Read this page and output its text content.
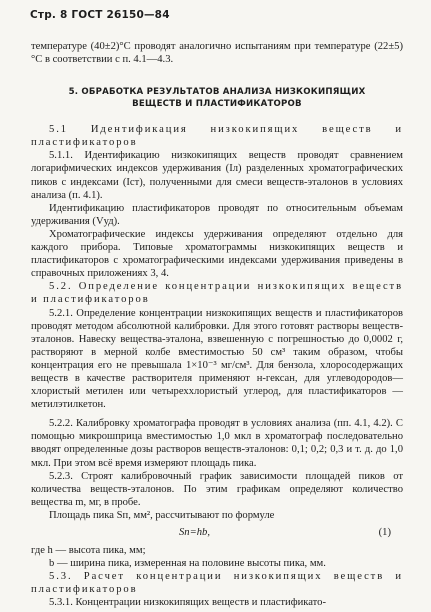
Стр. 8 ГОСТ 26150—84

температуре (40±2)°С проводят аналогично испытаниям при температуре (22±5)°С в соответствии с п. 4.1—4.3.

5. ОБРАБОТКА РЕЗУЛЬТАТОВ АНАЛИЗА НИЗКОКИПЯЩИХ
ВЕЩЕСТВ И ПЛАСТИФИКАТОРОВ

5.1 Идентификация низкокипящих веществ и пластификаторов

5.1.1. Идентификацию низкокипящих веществ проводят сравнением логарифмических индексов удерживания (Iл) разделенных хроматографических пиков с индексами (Iст), полученными для смеси веществ-эталонов в условиях анализа (п. 4.1).

Идентификацию пластификаторов проводят по относительным объемам удерживания (Vуд).

Хроматографические индексы удерживания определяют отдельно для каждого прибора. Типовые хроматограммы низкокипящих веществ и пластификаторов с хроматографическими индексами удерживания приведены в справочных приложениях 3, 4.

5.2. Определение концентрации низкокипящих веществ и пластификаторов

5.2.1. Определение концентрации низкокипящих веществ и пластификаторов проводят методом абсолютной калибровки. Для этого готовят растворы веществ-эталонов. Навеску вещества-эталона, взвешенную с погрешностью до 0,0002 г, растворяют в мерной колбе вместимостью 50 см³ таким образом, чтобы концентрация его не превышала 1×10⁻³ мг/см³. Для бензола, хлоросодержащих веществ в качестве растворителя применяют н-гексан, для углеводородов— хлористый метилен или четыреххлористый углерод, для пластификаторов — метилэтилкетон.

5.2.2. Калибровку хроматографа проводят в условиях анализа (пп. 4.1, 4.2). С помощью микрошприца вместимостью 1,0 мкл в хроматограф последовательно вводят определенные дозы растворов веществ-эталонов: 0,1; 0,2; 0,3 и т. д. до 1,0 мкл. При этом всё время измеряют площадь пика.

5.2.3. Строят калибровочный график зависимости площадей пиков от количества веществ-эталонов. По этим графикам определяют количество вещества m, мг, в пробе.

Площадь пика Sп, мм², рассчитывают по формуле

Sп=hb,	(1)

где h — высота пика, мм;

b — ширина пика, измеренная на половине высоты пика, мм.

5.3. Расчет концентрации низкокипящих веществ и пластификаторов

5.3.1. Концентрации низкокипящих веществ и пластификато-
